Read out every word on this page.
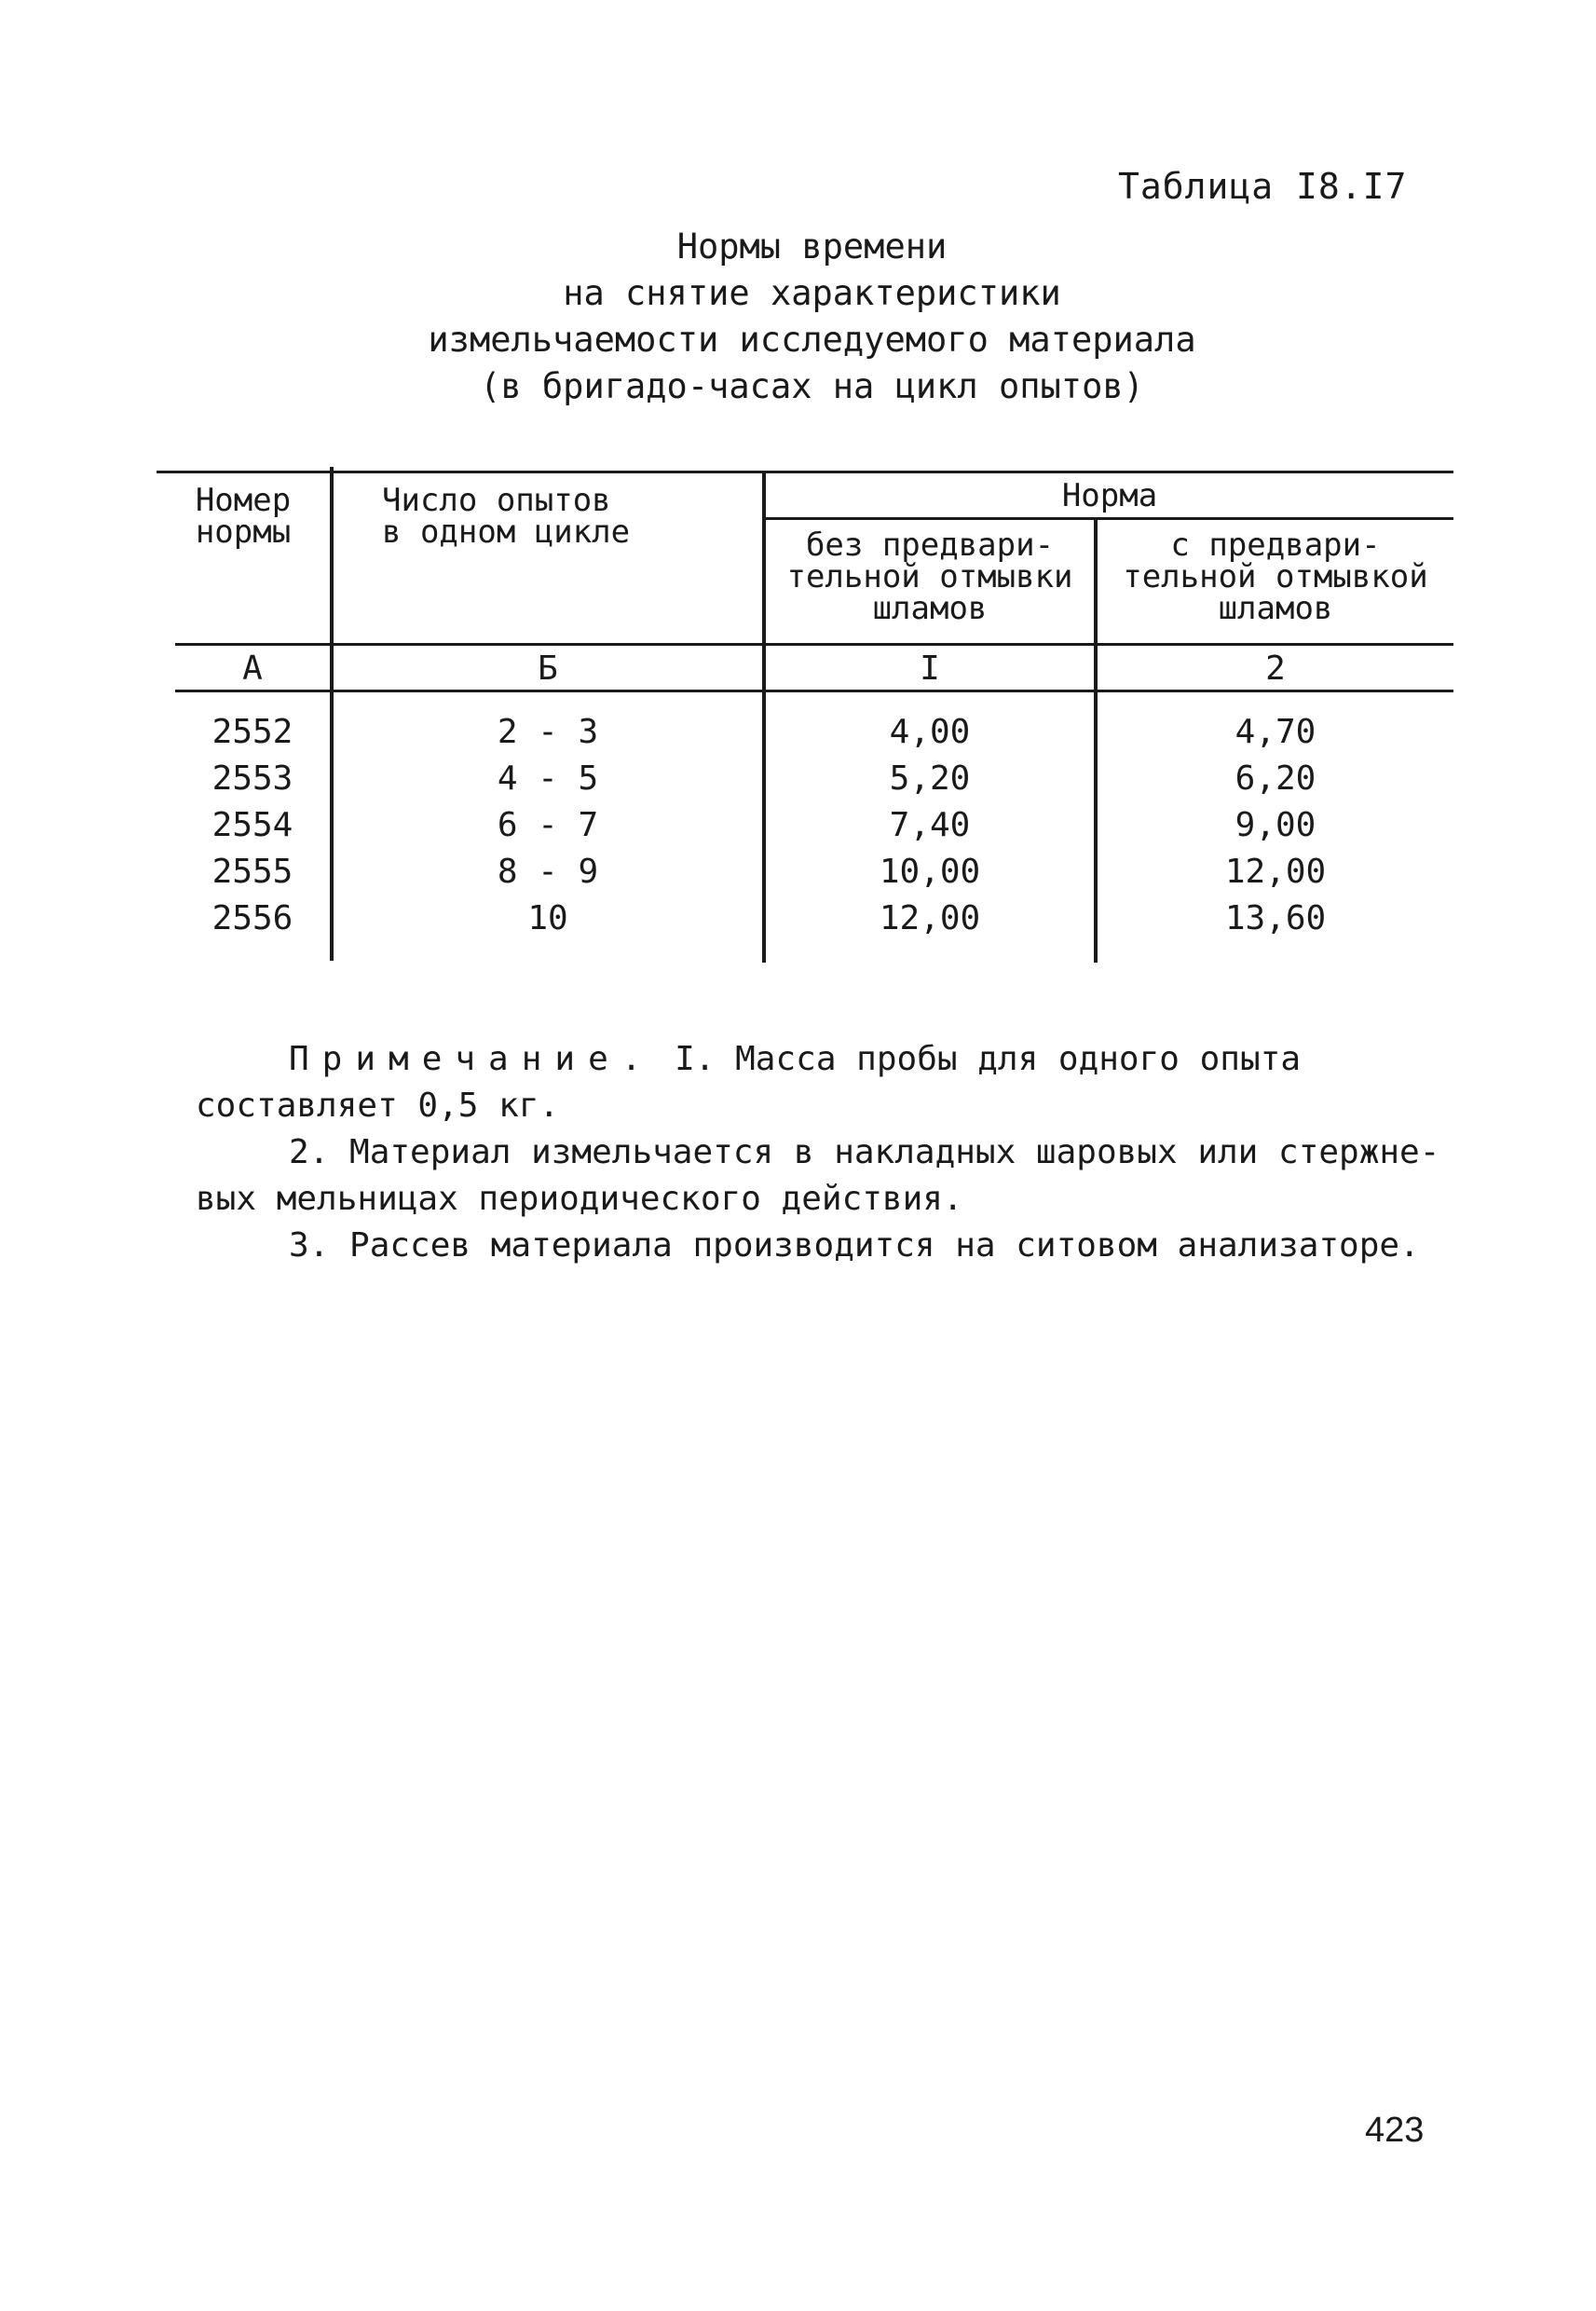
Таблица I8.I7
Нормы времени
на снятие характеристики
измельчаемости исследуемого материала
(в бригадо-часах на цикл опытов)
Номер
нормы
Число опытов
в одном цикле
Норма
без предвари-
тельной отмывки
шламов
с предвари-
тельной отмывкой
шламов
А	Б	I	2
2552	2 - 3	4,00	4,70
2553	4 - 5	5,20	6,20
2554	6 - 7	7,40	9,00
2555	8 - 9	10,00	12,00
2556	10	12,00	13,60
Примечание. I. Масса пробы для одного опыта
составляет 0,5 кг.
2. Материал измельчается в накладных шаровых или стержне-
вых мельницах периодического действия.
3. Рассев материала производится на ситовом анализаторе.
423
